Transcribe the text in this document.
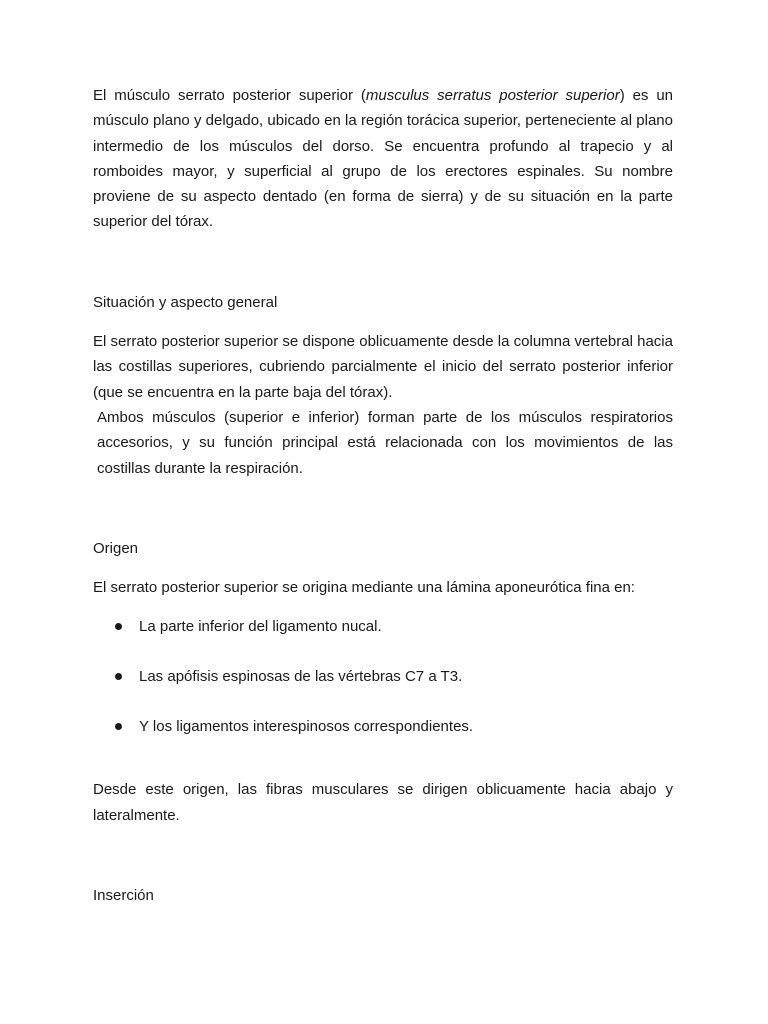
El músculo serrato posterior superior (musculus serratus posterior superior) es un músculo plano y delgado, ubicado en la región torácica superior, perteneciente al plano intermedio de los músculos del dorso. Se encuentra profundo al trapecio y al romboides mayor, y superficial al grupo de los erectores espinales. Su nombre proviene de su aspecto dentado (en forma de sierra) y de su situación en la parte superior del tórax.

Situación y aspecto general

El serrato posterior superior se dispone oblicuamente desde la columna vertebral hacia las costillas superiores, cubriendo parcialmente el inicio del serrato posterior inferior (que se encuentra en la parte baja del tórax).

Ambos músculos (superior e inferior) forman parte de los músculos respiratorios accesorios, y su función principal está relacionada con los movimientos de las costillas durante la respiración.

Origen

El serrato posterior superior se origina mediante una lámina aponeurótica fina en:

La parte inferior del ligamento nucal.
Las apófisis espinosas de las vértebras C7 a T3.
Y los ligamentos interespinosos correspondientes.

Desde este origen, las fibras musculares se dirigen oblicuamente hacia abajo y lateralmente.

Inserción
